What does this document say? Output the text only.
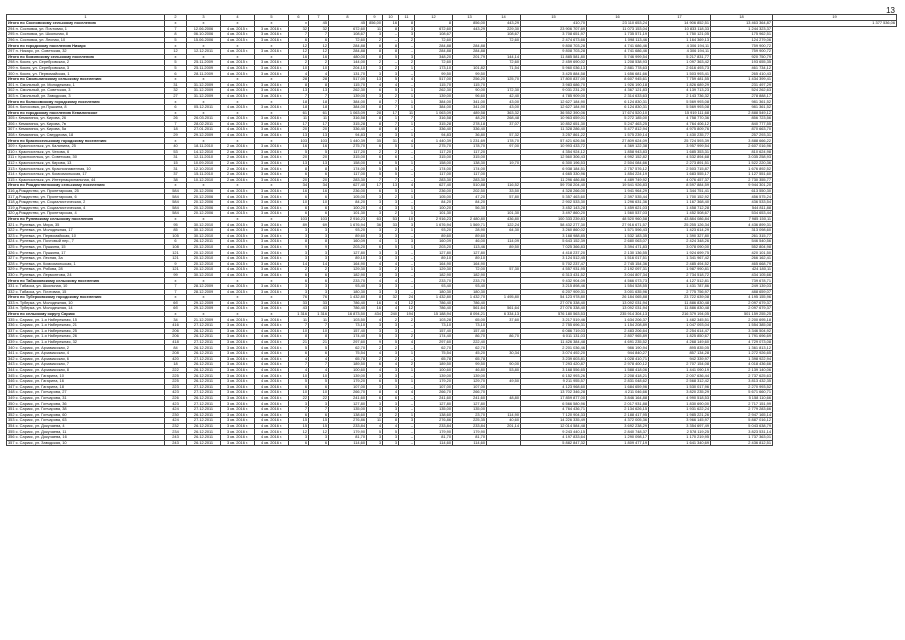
13
1	2	3	4	5	6	7	8	9	10	11	12	13	14	15	16	17	18	19
Итого по Сосновскому сельскому поселению	x	x	x	x	x	45	45	856,00	16	8	8	856,00	443,29	410,70	23 110 653,24	14 906 852,51	13 463 364,87	1 377 536,06
294 п. Сосновка, ул. Почтовая, 1	7	12.06.2006	4 кв. 2015 г.	3 кв. 2016 г.	32	32	672,60	11	8	3	672,60	443,29	229,30	23 906 707,69	11 073 153,04	10 833 118,33	1 244 323,37	
295 п. Сосновка, ул. Школьная, 8	8	06.10.2006	4 кв. 2015 г.	3 кв. 2016 г.	7	7	108,67	3	–	3	108,67		108,67	3 708 651,97	1 735 571,19	1 750 121,05	175 962,51	
296 п. Сосновка, ул. Лесная, 10	5	15.06.2006	4 кв. 2015 г.	3 кв. 2016 г.	6	6	72,60	2	–	2	72,60		72,60	2 474 673,66	1 098 113,46	1 164 369,13	124 279,06	
Итого по городскому поселению Никарс	x	x	x	x	12	12	284,88	8	8	–	284,88	284,88		9 808 703,28	4 741 686,46	4 306 194,11	759 900,72	
297 п. Никарс, ул. Советская, 32	12	12.12.2011	4 кв. 2015 г.	3 кв. 2016 г.	12	12	284,88	8	8	–	284,88	284,88		9 808 703,28	4 741 686,46	4 306 194,11	759 900,72	
Итого по Коминскому сельскому поселению	x	x	x	x	16	16	480,00	8	5	3	348,20	201,79	144,14	11 885 581,80	5 746 999,54	5 217 831,77	920 750,79	
298 п. Кокля, ул. Серебровская, 2	5	25.11.2009	4 кв. 2015 г.	3 кв. 2016 г.	2	2	144,00	2	–	2	72,60		72,60	2 459 690,02	1 208 538,93	1 097 363,42	193 655,35	
299 п. Кокля, ул. Серебровская, 3	5	25.11.2009	4 кв. 2015 г.	3 кв. 2016 г.	10	10	204,10	3	2	1	173,10	101,82	71,54	5 960 036,13	2 881 778,63	2 616 493,73	461 734,12	
300 п. Кокля, ул. Первомайская, 1	6	28.11.2009	4 кв. 2015 г.	3 кв. 2016 г.	4	4	131,70	3	3	–	99,50	99,50		3 425 884,58	1 656 681,66	1 503 993,41	265 410,43	
Итого по Смольнинскому сельскому поселению	x	x	x	x	28	28	517,00	13	5	4	517,00	256,20	125,70	17 800 837,00	8 607 945,61	7 759 481,55	1 434 399,41	
301 п. Смольный, ул. Молодежная, 1	31	31.12.2009	4 кв. 2015 г.	3 кв. 2016 г.	8	8	115,70	4	4	–	115,70	115,70		3 983 686,70	1 926 190,18	1 826 689,29	231 497,29	
302 п. Смольный, ул. Советская, 3	32	31.12.2009	4 кв. 2015 г.	3 кв. 2016 г.	13	13	262,30	6	5	1	262,30	90,00	172,30	9 031 231,20	4 367 121,83	4 139 713,23	524 262,63	
303 п. Смольный, ул. Заводская, 3	27	31.12.2009	4 кв. 2015 г.	3 кв. 2016 г.	7	7	139,00	3	2	1	139,00	96,60	42,40	4 785 909,00	2 314 633,63	2 143 736,32	278 888,17	
Итого по Колосовскому городскому поселению	x	x	x	x	18	18	384,00	8	7	1	384,00	341,00	43,00	12 627 184,90	6 124 830,31	5 569 993,08	981 361,52	
304 п. Колосовка, ул.Пушкина, 8	6	05.12.2011	4 кв. 2015 г.	3 кв. 2016 г.	18	18	384,00	8	7	1	384,00	341,00	43,00	12 627 184,90	6 124 830,31	5 569 993,08	981 361,52	
Итого по городскому поселению Кемалинское	x	x	x	x	61	61	1 063,09	28	17	11	1 063,09	489,58	363,32	36 552 390,06	17 674 520,10	15 919 111,68	2 888 549,12	
305 г. Кемалинск, ул. Кирова, 26	26	26.03.2011	4 кв. 2015 г.	3 кв. 2016 г.	11	11	316,58	8	1	7	316,58	48,20	268,48	10 963 659,01	5 272 185,00	4 758 770,36	856 723,56	
306 г. Кемалинск, ул. Кирова, 7в	7	28.02.2011	4 кв. 2015 г.	3 кв. 2016 г.	17	17	315,28	8	7	1	315,28	278,18	37,07	10 852 651,30	5 247 463,25	4 764 406,12	840 777,55	
307 г. Кемалинск, ул. Кирова, 5а	18	27.01.2011	4 кв. 2015 г.	3 кв. 2016 г.	20	20	336,40	8	8	–	336,40	336,40		11 328 286,40	5 477 812,94	4 975 809,76	870 663,70	
308 г. Кемалинск, ул. Свердлова, 18	29	29.12.2009	4 кв. 2015 г.	3 кв. 2016 г.	13	13	94,83	4	3	1	94,83	36,80	57,32	3 257 861,22	1 575 239,14	1 430 235,77	257 293,31	
Итого по Красносельскому городскому поселению	x	x	x	x	103	103	1 440,39	35	31	4	1 440,39	1 231,69	178,70	57 421 626,56	27 809 624,09	25 724 593,39	3 888 666,22	
309 г. Красносельск, ул. Калинина, 25	40	18.11.2010	2 кв. 2016 г.	3 кв. 2016 г.	16	16	275,70	6	5	1	275,70	178,70	97,00	10 993 433,72	4 369 122,38	3 957 999,54	2 607 016,96	
310 г. Красносельск, ул. Чехова, 6	53	14.12.2010	2 кв. 2016 г.	3 кв. 2016 г.	5	5	117,20	2	2	–	117,20	117,20		4 354 924,12	1 858 943,83	1 685 353,31	810 624,98	
311 г. Красносельск, ул. Советская, 30	31	12.11.2010	2 кв. 2016 г.	3 кв. 2016 г.	20	20	315,00	6	6	–	315,00	315,00		12 560 306,43	4 992 152,82	4 532 894,68	3 035 258,93	
312 г. Красносельск, ул. Кирова, 13	15	10.09.2010	2 кв. 2016 г.	3 кв. 2016 г.	13	13	158,00	6	5	1	158,00	138,30	19,70	6 300 196,53	2 504 084,66	2 273 891,51	1 522 220,36	
313 г. Красносельск, ул. Краснознаменная, 10	31	12.10.2010	2 кв. 2016 г.	3 кв. 2016 г.	8	8	174,00	5	5	–	174,00	174,00		6 938 184,51	2 757 576,12	2 503 715,87	1 676 892,52	
314 г. Красносельск, ул. Комсомольская, 17	37	15.11.2010	2 кв. 2016 г.	3 кв. 2016 г.	6	6	117,00	5	5	–	117,00	117,00		4 665 330,96	1 854 224,19	1 683 555,17	1 127 551,60	
315 г. Красносельск, ул. Интернациональная, 44	38	10.12.2010	2 кв. 2016 г.	3 кв. 2016 г.	20	20	283,30	7	7	–	283,30	283,30		11 296 486,86	4 489 749,92	4 076 457,37	2 730 355,77	
Итого по Рождественскому сельскому поселению	x	x	x	x	34	34	627,40	17	13	4	627,40	510,88	116,52	59 708 204,40	19 541 926,83	8 597 884,59	9 944 301,20	
316 д.Рождество, ул. Пролетарская, 25	584	20.12.2006	4 кв. 2015 г.	3 кв. 2016 г.	16	16	236,00	6	5	1	236,00	202,50	33,50	4 328 266,00	1 941 964,29	1 344 751,41	613 550,30	
317 д.Рождество, ул. Пролетарская, 6	584	20.12.2006	4 кв. 2015 г.	3 кв. 2016 г.	6	6	105,00	3	2	1	105,00	47,20	57,80	5 357 463,60	2 397 535,44	1 700 152,92	456 575,24	
318 д.Рождество, ул. Социалистическая, 2	584	20.12.2006	4 кв. 2015 г.	3 кв. 2016 г.	10	10	84,20	3	3	–	84,20	84,20		2 902 533,30	1 296 631,36	1 167 368,40	436 533,54	
319 д.Рождество, ул. Социалистическая, 4	584	20.12.2006	4 кв. 2015 г.	3 кв. 2016 г.	6	6	100,20	4	3	1	100,20	56,30		3 452 143,28	1 459 621,03	1 458 712,28	544 811,88	
320 д.Рождество, ул. Пролетарская, 4	584	20.12.2006	4 кв. 2015 г.	3 кв. 2016 г.	6	6	101,30	3	2	1	101,30		101,30	3 497 860,20	1 560 537,03	1 452 508,67	534 653,44	
Итого по Рулевскому сельскому поселению	x	x	x	x	103	103	2 916,23	63	53	10	2 916,23	2 480,80	436,80	100 333 239,83	48 520 960,58	43 884 086,84	7 985 150,11	
321 с. Рулевка, ул. Мира, 35	95	30.12.2010	4 кв. 2015 г.	3 кв. 2016 г.	89	69	1 676,94	36	33	3	1 676,94	1 569,71	122,24	58 432 277,30	27 916 671,57	25 255 126,34	4 436 899,31	
322 с. Рулевка, ул. Молодежная, 17	85	30.12.2010	4 кв. 2015 г.	3 кв. 2016 г.	3	3	93,20	3	2	1	93,20	28,90	64,30	3 260 860,02	1 571 596,43	1 423 614,29	313 098,60	
323 с. Рулевка, ул. Первомайская, 10	105	30.12.2010	4 кв. 2015 г.	3 кв. 2016 г.	3	3	89,60	3	3	–	89,60	89,60		3 168 988,85	1 532 183,35	1 390 327,80	261 315,77	
324 с. Рулевка, ул. Почтовый пер., 7	6	26.12.2011	4 кв. 2015 г.	3 кв. 2016 г.	8	8	160,09	4	1	3	160,09	46,00	114,09	5 643 152,39	2 680 063,07	2 424 348,26	546 540,56	
325 с. Рулевка, ул. Пушкина, 15	108	20.12.2010	4 кв. 2015 г.	3 кв. 2016 г.	9	9	203,20	6	5	1	203,20	113,46	89,50	7 025 366,83	3 394 471,83	3 078 090,00	552 804,98	
326 с. Рулевка, ул. Пушкина, 17	121	20.12.2010	4 кв. 2015 г.	3 кв. 2016 г.	3	3	127,80	3	3	–	127,80	127,80		4 418 237,20	2 130 136,55	1 924 699,75	420 101,50	
327 с. Рулевка, ул. Лесная, 3а	121	20.12.2010	4 кв. 2015 г.	3 кв. 2016 г.	3	3	89,10	3	3	–	89,10	89,10		3 124 512,45	1 516 017,51	1 341 967,42	266 162,41	
328 с. Рулевка, ул. Комсомольская, 1	9	20.12.2010	4 кв. 2015 г.	3 кв. 2016 г.	14	14	164,90	4	4	–	164,90	164,90		5 702 237,47	2 745 154,36	2 485 494,52	465 668,79	
329 с. Рулевка, ул. Рябова, 28	121	20.12.2010	4 кв. 2015 г.	3 кв. 2016 г.	2	2	129,30	3	2	1	129,30	72,00	57,30	4 557 931,95	2 192 097,31	1 987 990,81	424 180,11	
330 с. Рулевка, ул. Лермонтова, 24	99	30.12.2010	4 кв. 2015 г.	3 кв. 2016 г.	6	6	182,90	3	3	–	182,90	182,90		6 313 431,52	3 044 807,34	2 734 518,72	434 105,66	
Итого по Табасковскому сельскому поселению	x	x	x	x	6	6	233,70	4	4	–	233,70	233,70		9 432 904,09	4 566 073,73	4 127 512,81	739 678,71	
331 с. Табаска, ул. Школьная, 10	7	28.12.2009	4 кв. 2015 г.	3 кв. 2016 г.	3	3	93,40	3	3	–	93,40	93,40		3 215 898,46	1 554 528,55	1 431 787,86	249 139,03	
332 с. Табаска, ул. Почтовая, 15	7	28.12.2009	4 кв. 2015 г.	3 кв. 2016 г.	3	3	180,30	3	3	–	180,30	180,30		6 207 909,31	3 001 635,96	2 775 756,97	488 659,07	
Итого по Туберковскому городскому поселению	x	x	x	x	76	76	1 432,80	8	32	24	1 432,80	1 432,70	1 495,80	54 123 978,80	26 184 065,88	23 722 639,08	4 195 155,96	
333 п. Туберка, ул. Молодежная, 10	6б	29.12.2009	4 кв. 2015 г.	3 кв. 2016 г.	33	33	786,40	16	4	12	786,40	786,40		27 076 338,40	13 092 031,94	11 886 830,48	2 097 679,37	
334 п. Туберка, ул. Молодежная, 14	6б	29.12.2009	4 кв. 2015 г.	3 кв. 2016 г.	43	43	786,40	16	4	12	786,40	561,64	561,64	27 076 338,40	13 092 031,94	11 886 830,48	2 097 679,37	
Итого по сельскому округу Сарикс	x	x	x	x	1 316	1 316	16 873,50	434	240	194	15 188,94	8 094,21	6 334,13	576 180 563,53	235 914 304,13	216 379 194,05	501 159 255,25	
335 с. Сарикс, ул. 1-я Набережная, 15	34	21.12.2009	4 кв. 2015 г.	3 кв. 2016 г.	11	11	103,50	4	2	2	103,28	65,00	37,60	3 217 519,46	1 634 206,37	1 482 345,51	2 200 695,18	
336 с. Сарикс, ул. 1-я Набережная, 21	416	27.12.2011	3 кв. 2016 г.	4 кв. 2016 г.	7	7	73,10	3	3	–	73,10	73,10		2 755 696,31	1 154 208,89	1 047 093,04	1 554 385,08	
337 с. Сарикс, ул. 1-я Набережная, 25	206	26.12.2011	3 кв. 2016 г.	4 кв. 2016 г.	10	10	157,40	3	3	–	157,40	157,40		6 086 719,03	2 483 206,64	2 254 614,47	3 346 504,92	
338 с. Сарикс, ул. 1-я Набережная, 26	206	26.12.2011	3 кв. 2016 г.	4 кв. 2016 г.	8	8	174,40	5	3	2	174,40	86,70	86,70	6 011 131,03	2 807 965,89	1 825 850,67	1 791 696,69	
339 с. Сарикс, ул. 1-я Набережная, 32	418	27.12.2011	3 кв. 2016 г.	4 кв. 2016 г.	21	21	297,60	9	5	4	297,60	222,40		11 426 384,48	4 691 235,52	4 268 149,60	4 729 073,08	
340 с. Сарикс, ул. Арзамасская, 2	84	26.12.2011	3 кв. 2016 г.	4 кв. 2016 г.	5	5	62,70	2	2	–	62,70	62,70		2 201 036,46	986 190,94	895 835,05	1 361 813,12	
341 с. Сарикс, ул. Арзамасская, 4	208	26.12.2011	3 кв. 2016 г.	4 кв. 2016 г.	6	6	75,54	4	3	1	75,54	45,20	30,34	3 074 492,20	944 840,27	857 134,28	1 272 926,65	
342 с. Сарикс, ул. Арзамасская, 6	420	27.12.2011	3 кв. 2016 г.	4 кв. 2016 г.	4	4	65,78	2	2	–	65,78	65,78		3 239 603,81	1 028 410,71	942 339,97	1 398 922,94	
343 с. Сарикс, ул. Арзамасская, 7	18	26.12.2011	3 кв. 2016 г.	4 кв. 2016 г.	7	7	189,50	6	4	2	189,50	99,50	90,00	7 293 420,87	2 978 400,12	2 707 154,08	4 018 436,66	
344 с. Сарикс, ул. Арзамасская, 8	222	26.12.2011	3 кв. 2016 г.	4 кв. 2016 г.	4	4	100,60	4	3	1	100,60	46,80	53,80	3 168 556,65	1 588 418,06	1 441 090,19	2 139 140,06	
345 с. Сарикс, ул. Гагарина, 10	225	26.12.2011	3 кв. 2016 г.	4 кв. 2016 г.	10	10	139,00	3	3	–	139,00	139,00		6 152 993,26	2 208 418,21	2 007 636,44	2 737 625,63	
346 с. Сарикс, ул. Гагарина, 16	225	26.12.2011	3 кв. 2016 г.	4 кв. 2016 г.	5	5	179,20	6	5	1	179,20	129,70	49,50	9 211 955,57	2 831 048,62	2 568 312,42	3 813 432,35	
347 с. Сарикс, ул. Гагарина, 18	223	27.12.2011	3 кв. 2016 г.	4 кв. 2016 г.	6	6	107,00	3	3	–	107,00	107,00		4 123 968,60	1 684 659,96	1 530 017,96	2 270 993,52	
348 с. Сарикс, ул. Гончарова, 27	423	27.12.2011	3 кв. 2016 г.	4 кв. 2016 г.	10	10	266,70	8	4	4	266,70	266,70		13 702 346,28	4 211 046,66	3 820 235,29	5 671 660,71	
349 с. Сарикс, ул. Гончарова, 31	226	26.12.2011	3 кв. 2016 г.	4 кв. 2016 г.	22	22	241,60	6	6	–	241,60	241,60	48,80	17 859 877,00	3 846 164,88	4 990 518,53	5 158 110,66	
350 с. Сарикс, ул. Гончарова, 36	423	27.12.2011	3 кв. 2016 г.	4 кв. 2016 г.	3	3	127,80	3	3	–	127,80	127,80		6 566 580,96	2 017 931,88	1 830 690,00	2 717 151,99	
351 с. Сарикс, ул. Гончарова, 38	424	27.12.2011	3 кв. 2016 г.	4 кв. 2016 г.	7	7	135,00	3	3	–	135,00	135,00		4 764 436,71	2 134 626,15	1 931 622,24	2 779 283,66	
352 с. Сарикс, ул. Гончарова, 60	230	26.12.2011	3 кв. 2016 г.	4 кв. 2016 г.	6	6	138,60	3	2	1	138,60	23,70	114,90	7 120 904,33	2 188 417,95	1 985 221,26	2 947 165,14	
353 с. Сарикс, ул. Гончарова, 63	424	27.12.2011	3 кв. 2016 г.	4 кв. 2016 г.	15	15	276,86	11	8	3	276,86	225,35	40,60	14 226 335,49	4 372 005,36	3 966 145,97	5 887 016,12	
354 с. Сарикс, ул. Докучаева, 4	232	26.12.2011	3 кв. 2016 г.	4 кв. 2016 г.	15	15	233,84	4	4	–	233,84	233,84	201,14	12 014 584,48	3 692 238,29	3 354 697,49	5 043 638,79	
355 с. Сарикс, ул. Докучаева, 11	234	26.12.2011	3 кв. 2016 г.	4 кв. 2016 г.	12	12	179,90	5	5	–	179,90	179,90		9 243 440,15	2 840 748,37	2 578 119,25	3 823 531,14	
356 с. Сарикс, ул. Докучаева, 16	243	26.12.2011	3 кв. 2016 г.	4 кв. 2016 г.	3	3	81,70	3	3	–	81,70	81,70		4 197 833,64	1 290 098,17	1 170 219,95	1 737 363,01	
357 с. Сарикс, ул. Заводская, 10	243	26.12.2011	3 кв. 2016 г.	4 кв. 2016 г.	6	6	114,60	3	3	–	114,60	114,60		5 882 847,32	1 809 477,19	1 641 340,69	2 436 812,51	
